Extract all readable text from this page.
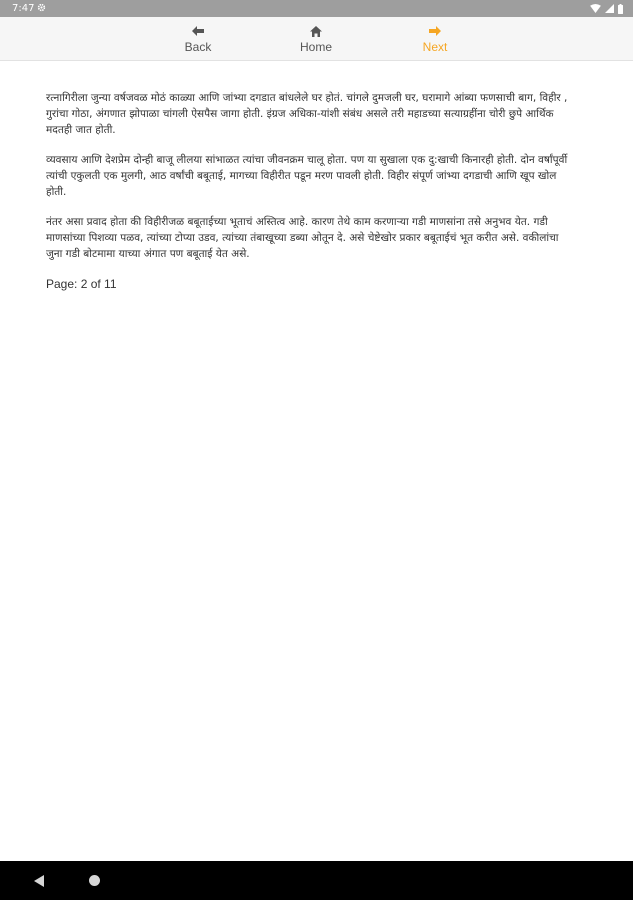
7:47
Back	Home	Next

रत्नागिरीला जुन्या वर्षजवळ मोठं काळ्या आणि जांभ्या दगडात बांधलेले घर होतं. चांगले दुमजली घर, घरामागे आंब्या फणसाची बाग, विहीर , गुरांचा गोठा, अंगणात झोपाळा चांगली ऐसपैस जागा होती. इंग्रज अधिका-यांशी संबंध असले तरी महाडच्या सत्याग्रहींना चोरी छुपे आर्थिक मदतही जात होती.

व्यवसाय आणि देशप्रेम दोन्ही बाजू लीलया सांभाळत त्यांचा जीवनक्रम चालू होता. पण या सुखाला एक दु:खाची किनारही होती. दोन वर्षांपूर्वी त्यांची एकुलती एक मुलगी, आठ वर्षांची बबूताई, मागच्या विहीरीत पडून मरण पावली होती. विहीर संपूर्ण जांभ्या दगडाची आणि खूप खोल होती.

नंतर असा प्रवाद होता की विहीरीजळ बबूताईच्या भूताचं अस्तित्व आहे. कारण तेथे काम करणाऱ्या गडी माणसांना तसे अनुभव येत. गडी माणसांच्या पिशव्या पळव, त्यांच्या टोप्या उडव, त्यांच्या तंबाखूच्या डब्या ओतून दे. असे चेष्टेखोर प्रकार बबूताईचं भूत करीत असे. वकीलांचा जुना गडी बोटमामा याच्या अंगात पण बबूताई येत असे.

Page: 2 of 11
